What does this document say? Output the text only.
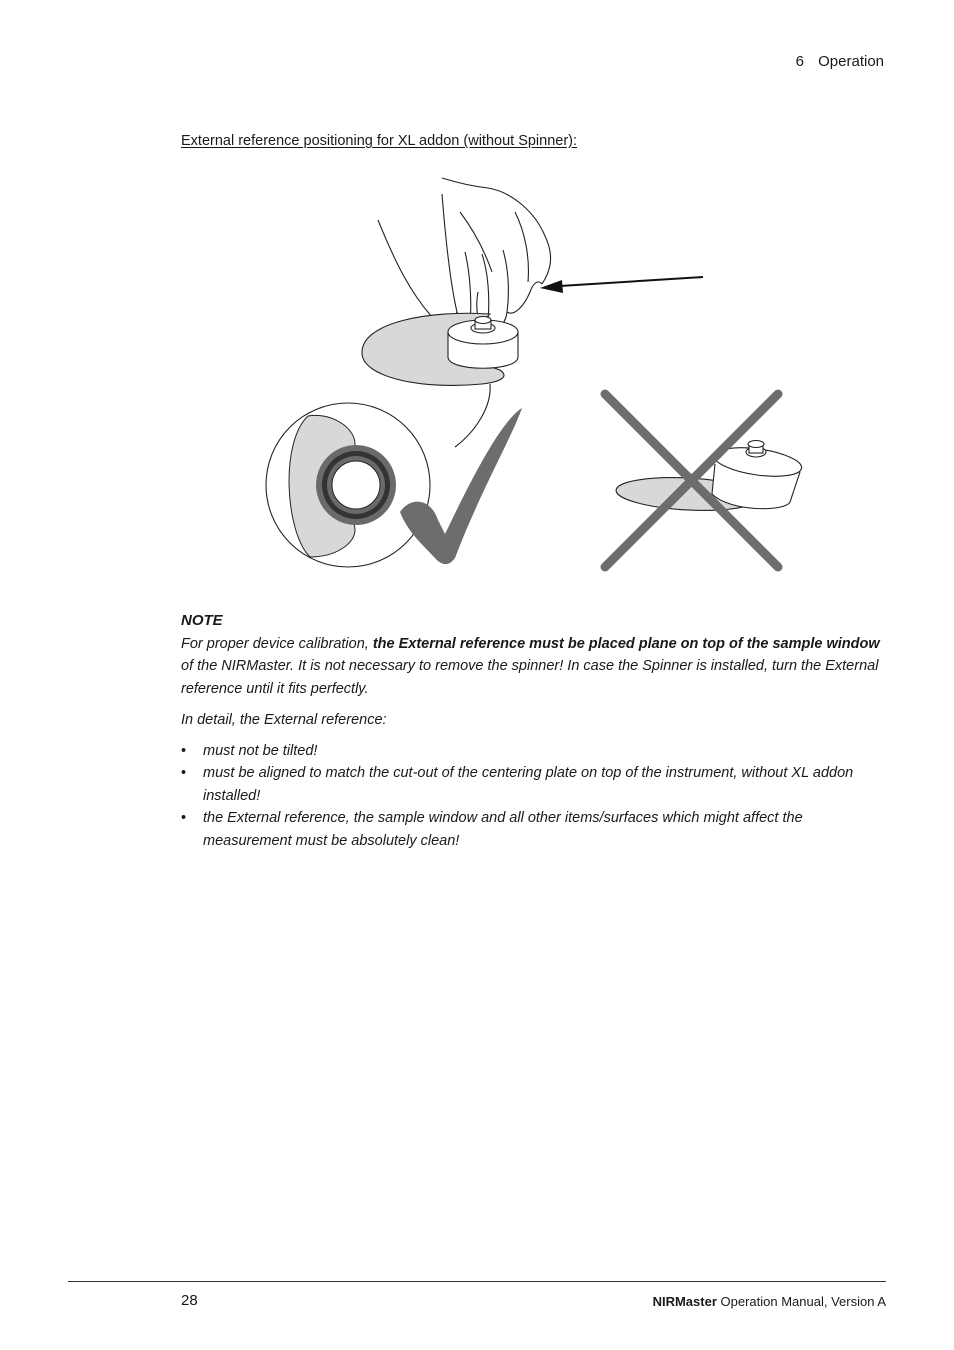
6 Operation
External reference positioning for XL addon (without Spinner):
NOTE

For proper device calibration, the External reference must be placed plane on top of the sample window of the NIRMaster. It is not necessary to remove the spinner! In case the Spinner is installed, turn the External reference until it fits perfectly.

In detail, the External reference:

• must not be tilted!
• must be aligned to match the cut-out of the centering plate on top of the instrument, without XL addon installed!
• the External reference, the sample window and all other items/surfaces which might affect the measurement must be absolutely clean!
28	NIRMaster Operation Manual, Version A
